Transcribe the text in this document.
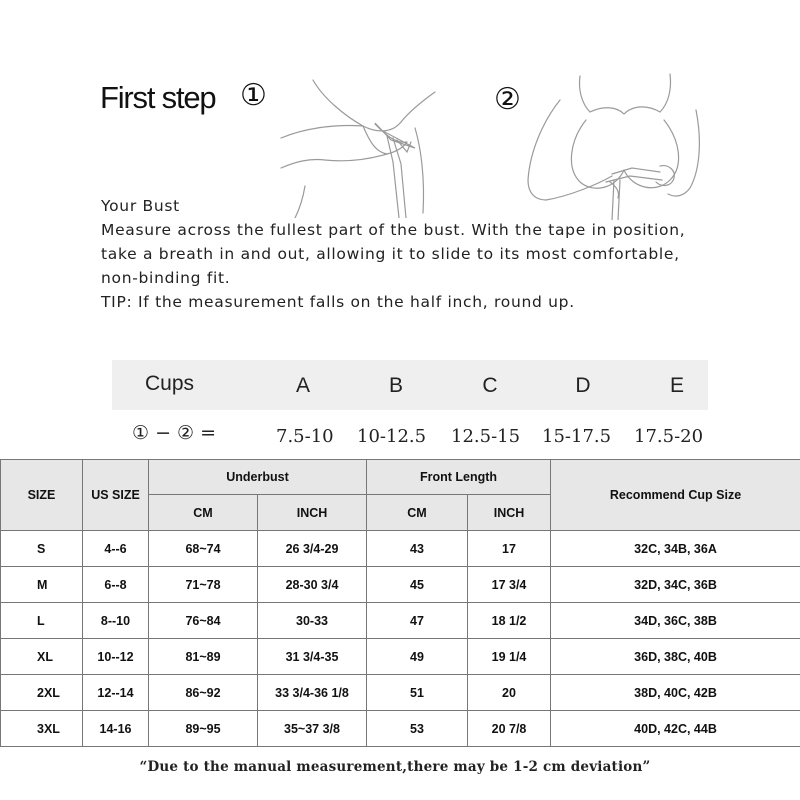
First step ①	②
Your Bust
Measure across the fullest part of the bust. With the tape in position,
take a breath in and out, allowing it to slide to its most comfortable,
non-binding fit.
TIP: If the measurement falls on the half inch, round up.
Cups	A	B	C	D	E
① − ② =	7.5-10 10-12.5 12.5-15 15-17.5 17.5-20
SIZE	US SIZE	Underbust		Front Length		Recommend Cup Size
		CM	INCH	CM	INCH	
S	4--6	68~74	26 3/4-29	43	17	32C, 34B, 36A
M	6--8	71~78	28-30 3/4	45	17 3/4	32D, 34C, 36B
L	8--10	76~84	30-33	47	18 1/2	34D, 36C, 38B
XL	10--12	81~89	31 3/4-35	49	19 1/4	36D, 38C, 40B
2XL	12--14	86~92	33 3/4-36 1/8	51	20	38D, 40C, 42B
3XL	14-16	89~95	35~37 3/8	53	20 7/8	40D, 42C, 44B
“Due to the manual measurement,there may be 1-2 cm deviation”
